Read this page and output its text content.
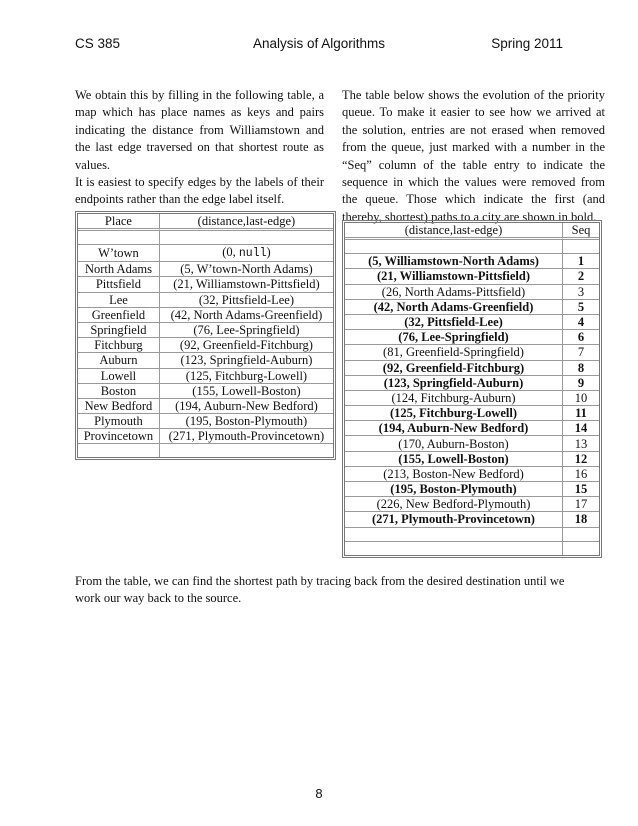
CS 385	Analysis of Algorithms	Spring 2011

We obtain this by filling in the following table, a map which has place names as keys and pairs indicating the distance from Williamstown and the last edge traversed on that shortest route as values.

It is easiest to specify edges by the labels of their endpoints rather than the edge label itself.

Place	(distance,last-edge)

W’town	(0, null)
North Adams	(5, W’town-North Adams)
Pittsfield	(21, Williamstown-Pittsfield)
Lee	(32, Pittsfield-Lee)
Greenfield	(42, North Adams-Greenfield)
Springfield	(76, Lee-Springfield)
Fitchburg	(92, Greenfield-Fitchburg)
Auburn	(123, Springfield-Auburn)
Lowell	(125, Fitchburg-Lowell)
Boston	(155, Lowell-Boston)
New Bedford	(194, Auburn-New Bedford)
Plymouth	(195, Boston-Plymouth)
Provincetown	(271, Plymouth-Provincetown)

The table below shows the evolution of the priority queue. To make it easier to see how we arrived at the solution, entries are not erased when removed from the queue, just marked with a number in the “Seq” column of the table entry to indicate the sequence in which the values were removed from the queue. Those which indicate the first (and thereby, shortest) paths to a city are shown in bold.

(distance,last-edge)	Seq

(5, Williamstown-North Adams)	1
(21, Williamstown-Pittsfield)	2
(26, North Adams-Pittsfield)	3
(42, North Adams-Greenfield)	5
(32, Pittsfield-Lee)	4
(76, Lee-Springfield)	6
(81, Greenfield-Springfield)	7
(92, Greenfield-Fitchburg)	8
(123, Springfield-Auburn)	9
(124, Fitchburg-Auburn)	10
(125, Fitchburg-Lowell)	11
(194, Auburn-New Bedford)	14
(170, Auburn-Boston)	13
(155, Lowell-Boston)	12
(213, Boston-New Bedford)	16
(195, Boston-Plymouth)	15
(226, New Bedford-Plymouth)	17
(271, Plymouth-Provincetown)	18

From the table, we can find the shortest path by tracing back from the desired destination until we work our way back to the source.

8
